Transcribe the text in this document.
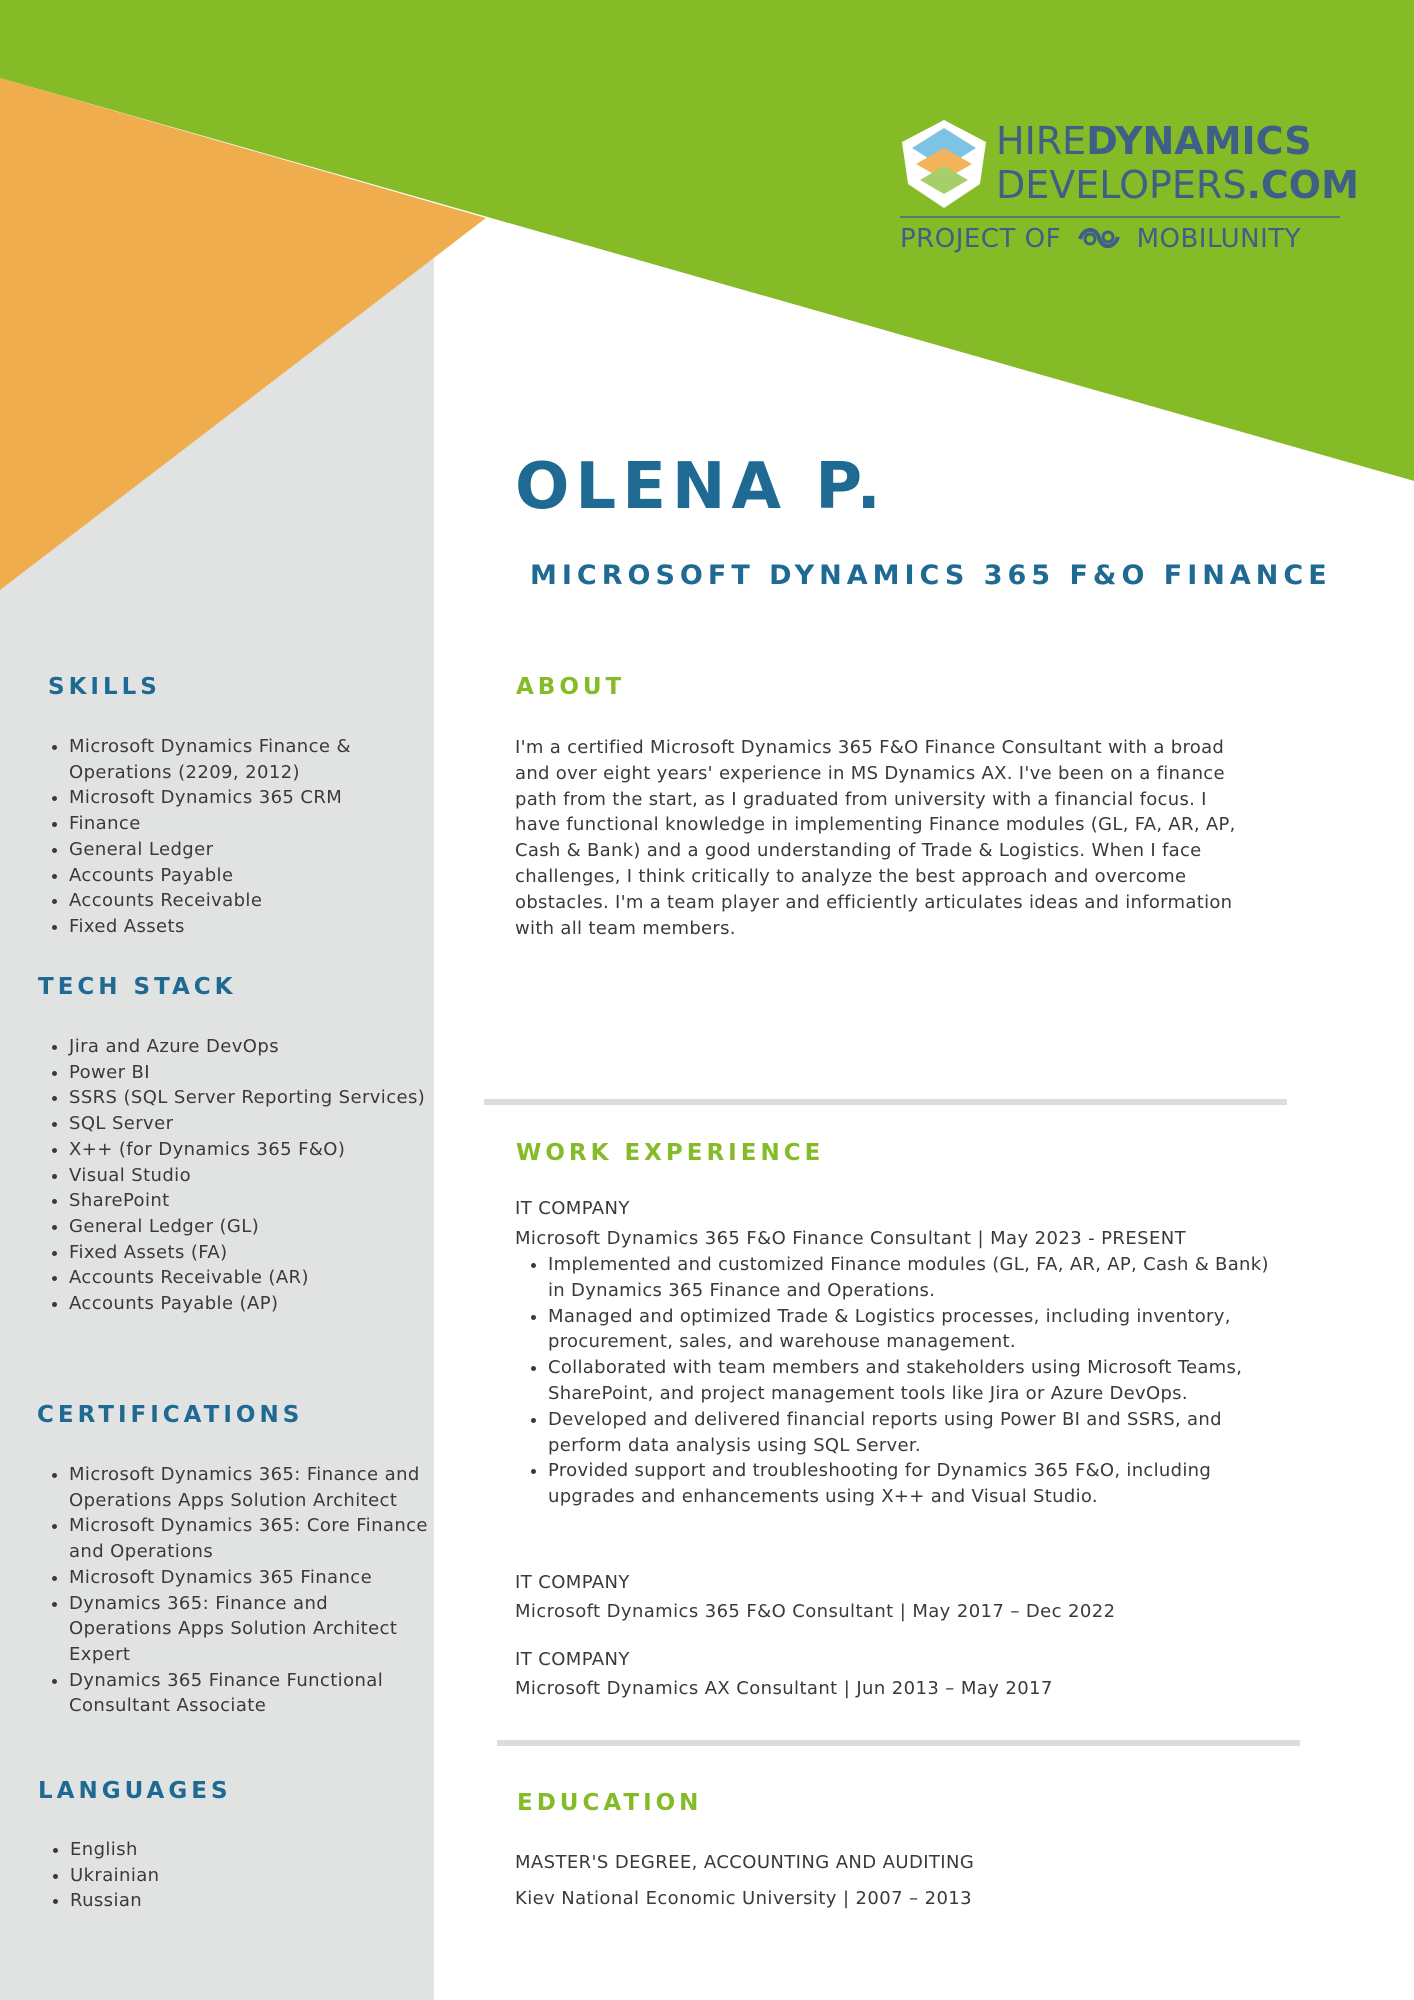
HIREDYNAMICS
DEVELOPERS.COM
PROJECT OF	MOBILUNITY
OLENA P.
MICROSOFT DYNAMICS 365 F&O FINANCE
SKILLS
• Microsoft Dynamics Finance & Operations (2209, 2012)
• Microsoft Dynamics 365 CRM
• Finance
• General Ledger
• Accounts Payable
• Accounts Receivable
• Fixed Assets
TECH STACK
• Jira and Azure DevOps
• Power BI
• SSRS (SQL Server Reporting Services)
• SQL Server
• X++ (for Dynamics 365 F&O)
• Visual Studio
• SharePoint
• General Ledger (GL)
• Fixed Assets (FA)
• Accounts Receivable (AR)
• Accounts Payable (AP)
CERTIFICATIONS
• Microsoft Dynamics 365: Finance and Operations Apps Solution Architect
• Microsoft Dynamics 365: Core Finance and Operations
• Microsoft Dynamics 365 Finance
• Dynamics 365: Finance and Operations Apps Solution Architect Expert
• Dynamics 365 Finance Functional Consultant Associate
LANGUAGES
• English
• Ukrainian
• Russian
ABOUT

I'm a certified Microsoft Dynamics 365 F&O Finance Consultant with a broad and over eight years' experience in MS Dynamics AX. I've been on a finance path from the start, as I graduated from university with a financial focus. I have functional knowledge in implementing Finance modules (GL, FA, AR, AP, Cash & Bank) and a good understanding of Trade & Logistics. When I face challenges, I think critically to analyze the best approach and overcome obstacles. I'm a team player and efficiently articulates ideas and information with all team members.

WORK EXPERIENCE

IT COMPANY

Microsoft Dynamics 365 F&O Finance Consultant | May 2023 - PRESENT

• Implemented and customized Finance modules (GL, FA, AR, AP, Cash & Bank) in Dynamics 365 Finance and Operations.
• Managed and optimized Trade & Logistics processes, including inventory, procurement, sales, and warehouse management.
• Collaborated with team members and stakeholders using Microsoft Teams, SharePoint, and project management tools like Jira or Azure DevOps.
• Developed and delivered financial reports using Power BI and SSRS, and perform data analysis using SQL Server.
• Provided support and troubleshooting for Dynamics 365 F&O, including upgrades and enhancements using X++ and Visual Studio.

IT COMPANY

Microsoft Dynamics 365 F&O Consultant | May 2017 – Dec 2022

IT COMPANY

Microsoft Dynamics AX Consultant | Jun 2013 – May 2017

EDUCATION

MASTER'S DEGREE, ACCOUNTING AND AUDITING

Kiev National Economic University | 2007 – 2013
